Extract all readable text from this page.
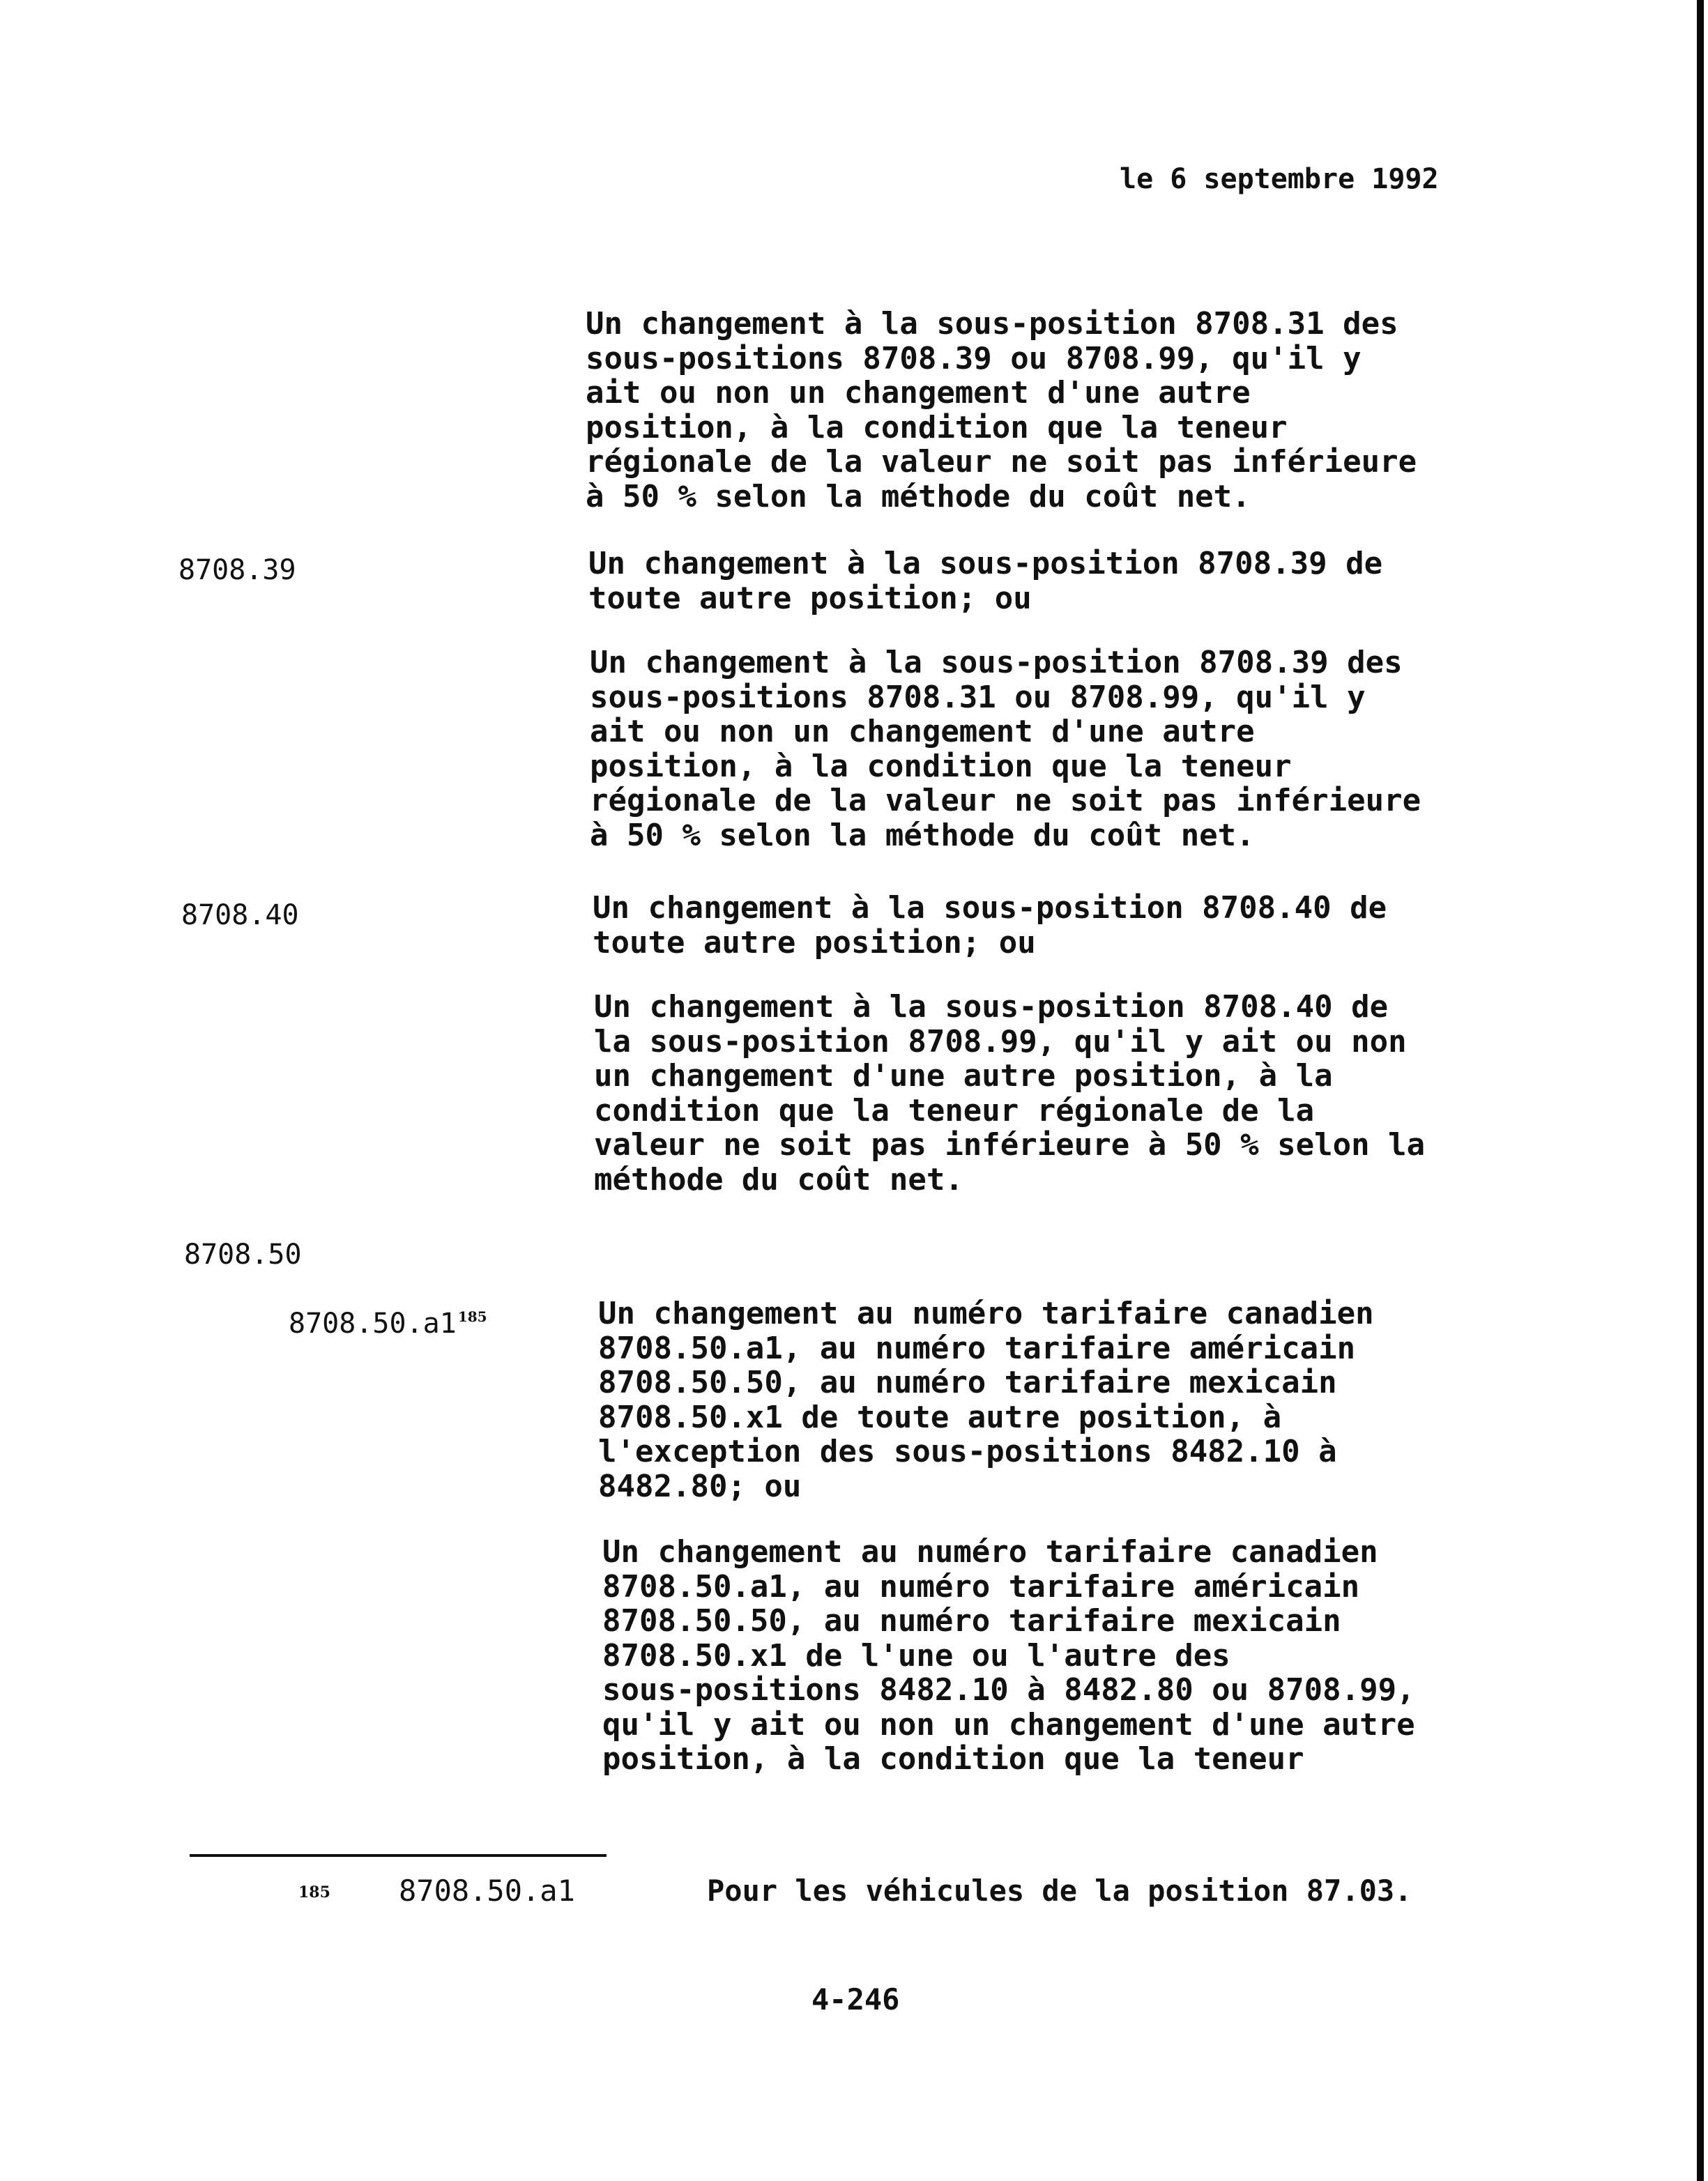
le 6 septembre 1992
Un changement à la sous-position 8708.31 des
sous-positions 8708.39 ou 8708.99, qu'il y
ait ou non un changement d'une autre
position, à la condition que la teneur
régionale de la valeur ne soit pas inférieure
à 50 % selon la méthode du coût net.
8708.39	Un changement à la sous-position 8708.39 de
toute autre position; ou
Un changement à la sous-position 8708.39 des
sous-positions 8708.31 ou 8708.99, qu'il y
ait ou non un changement d'une autre
position, à la condition que la teneur
régionale de la valeur ne soit pas inférieure
à 50 % selon la méthode du coût net.
8708.40	Un changement à la sous-position 8708.40 de
toute autre position; ou
Un changement à la sous-position 8708.40 de
la sous-position 8708.99, qu'il y ait ou non
un changement d'une autre position, à la
condition que la teneur régionale de la
valeur ne soit pas inférieure à 50 % selon la
méthode du coût net.
8708.50
8708.50.a1 $^{185}$	Un changement au numéro tarifaire canadien
8708.50.a1, au numéro tarifaire américain
8708.50.50, au numéro tarifaire mexicain
8708.50.x1 de toute autre position, à
l'exception des sous-positions 8482.10 à
8482.80; ou
Un changement au numéro tarifaire canadien
8708.50.a1, au numéro tarifaire américain
8708.50.50, au numéro tarifaire mexicain
8708.50.x1 de l'une ou l'autre des
sous-positions 8482.10 à 8482.80 ou 8708.99,
qu'il y ait ou non un changement d'une autre
position, à la condition que la teneur
185 8708.50.a1	Pour les véhicules de la position 87.03.
4-246
